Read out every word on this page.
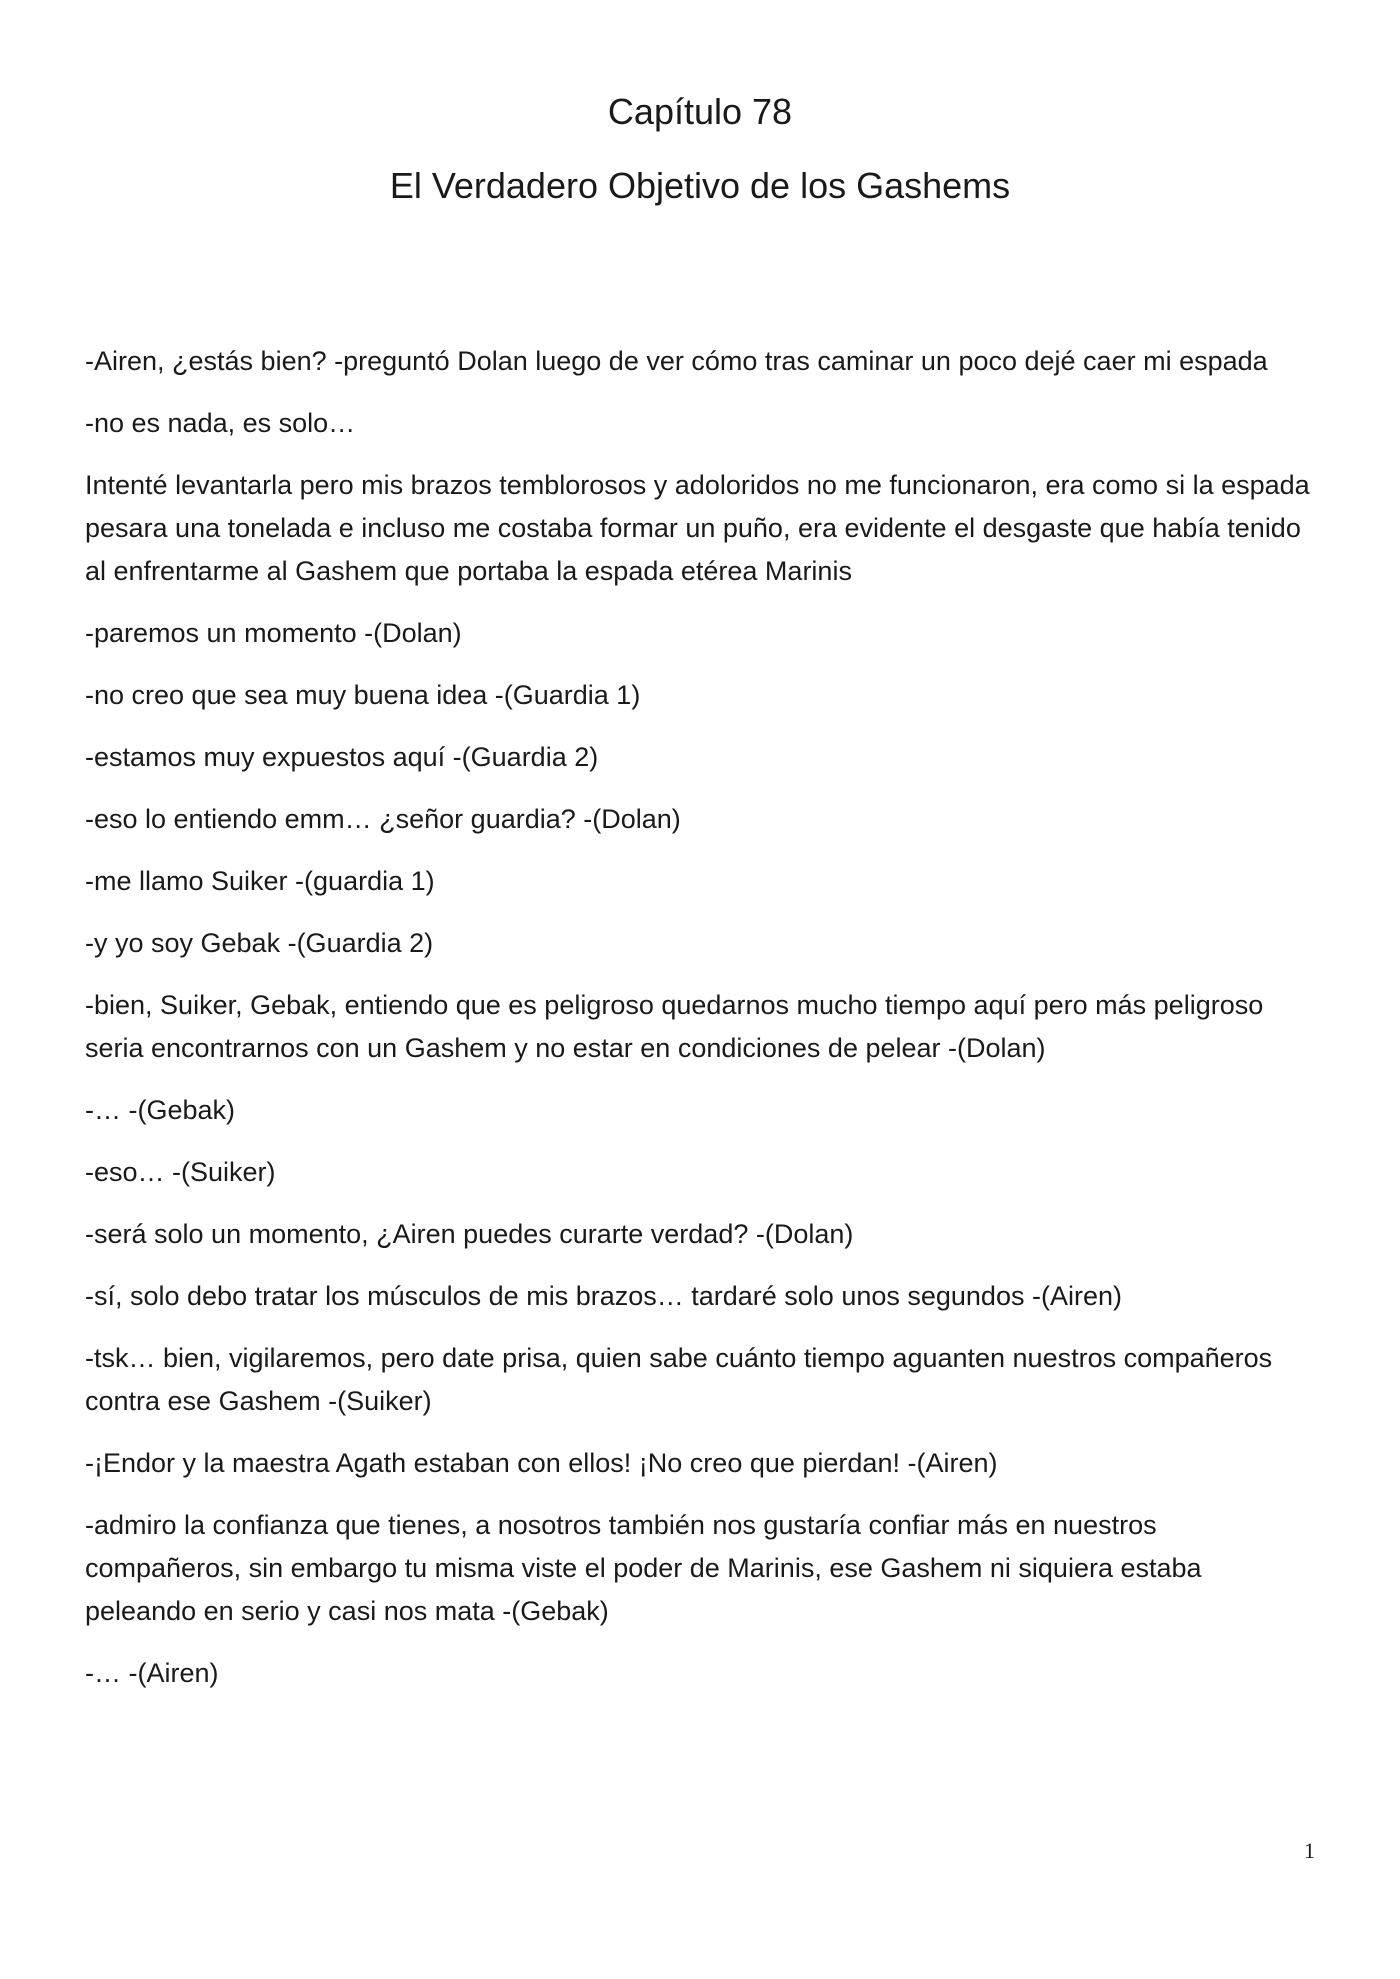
Capítulo 78
El Verdadero Objetivo de los Gashems

-Airen, ¿estás bien? -preguntó Dolan luego de ver cómo tras caminar un poco dejé caer mi espada

-no es nada, es solo…

Intenté levantarla pero mis brazos temblorosos y adoloridos no me funcionaron, era como si la espada pesara una tonelada e incluso me costaba formar un puño, era evidente el desgaste que había tenido al enfrentarme al Gashem que portaba la espada etérea Marinis

-paremos un momento -(Dolan)

-no creo que sea muy buena idea -(Guardia 1)

-estamos muy expuestos aquí -(Guardia 2)

-eso lo entiendo emm… ¿señor guardia? -(Dolan)

-me llamo Suiker -(guardia 1)

-y yo soy Gebak -(Guardia 2)

-bien, Suiker, Gebak, entiendo que es peligroso quedarnos mucho tiempo aquí pero más peligroso seria encontrarnos con un Gashem y no estar en condiciones de pelear -(Dolan)

-… -(Gebak)

-eso… -(Suiker)

-será solo un momento, ¿Airen puedes curarte verdad? -(Dolan)

-sí, solo debo tratar los músculos de mis brazos… tardaré solo unos segundos -(Airen)

-tsk… bien, vigilaremos, pero date prisa, quien sabe cuánto tiempo aguanten nuestros compañeros contra ese Gashem -(Suiker)

-¡Endor y la maestra Agath estaban con ellos! ¡No creo que pierdan! -(Airen)

-admiro la confianza que tienes, a nosotros también nos gustaría confiar más en nuestros compañeros, sin embargo tu misma viste el poder de Marinis, ese Gashem ni siquiera estaba peleando en serio y casi nos mata -(Gebak)

-… -(Airen)

1
